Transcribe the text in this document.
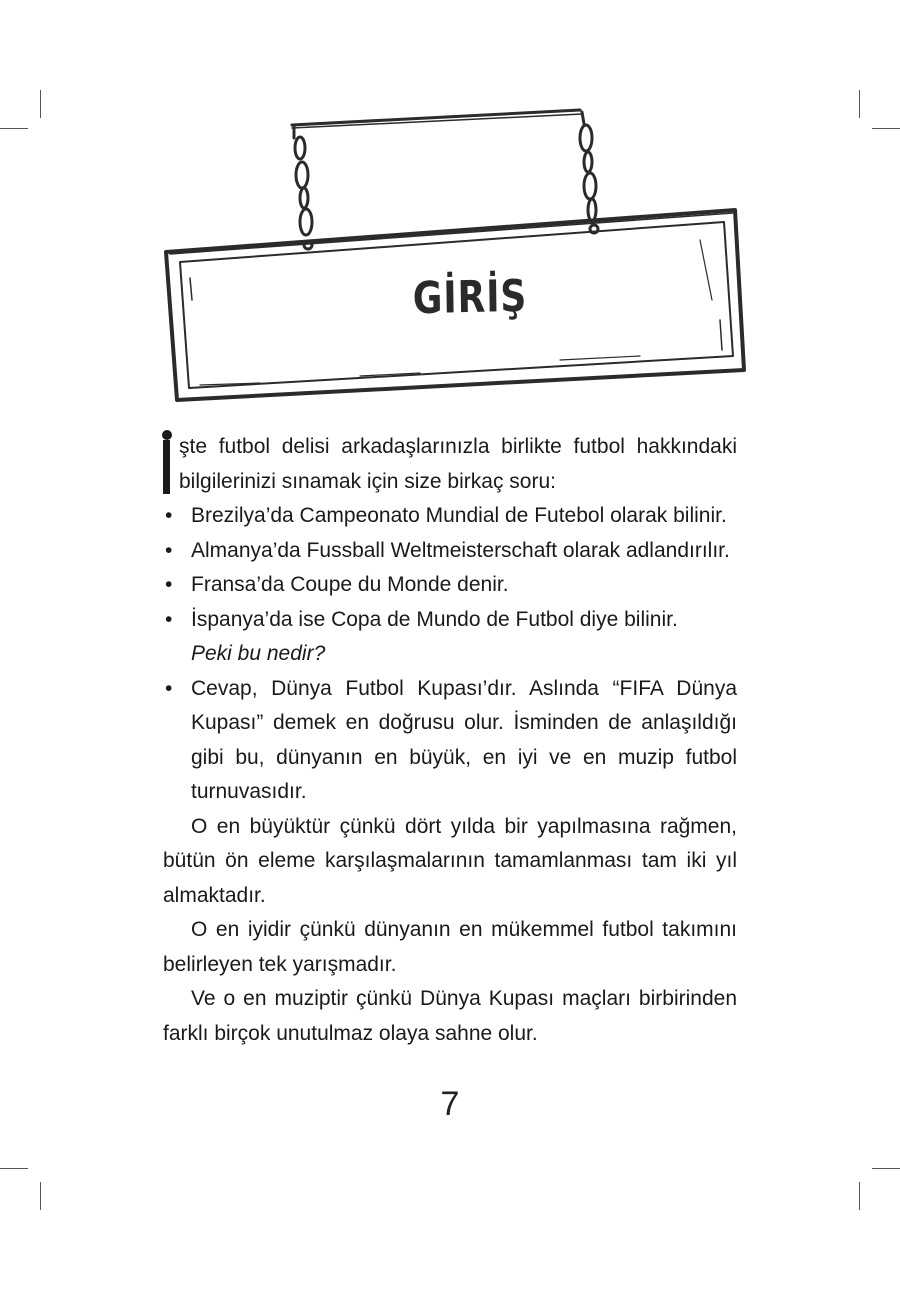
GİRİŞ

şte futbol delisi arkadaşlarınızla birlikte futbol hakkındaki bilgilerinizi sınamak için size birkaç soru:

• Brezilya’da Campeonato Mundial de Futebol olarak bilinir.
• Almanya’da Fussball Weltmeisterschaft olarak adlandırılır.
• Fransa’da Coupe du Monde denir.
• İspanya’da ise Copa de Mundo de Futbol diye bilinir.
Peki bu nedir?
• Cevap, Dünya Futbol Kupası’dır. Aslında “FIFA Dünya Kupası” demek en doğrusu olur. İsminden de anlaşıldığı gibi bu, dünyanın en büyük, en iyi ve en muzip futbol turnuvasıdır.

O en büyüktür çünkü dört yılda bir yapılmasına rağmen, bütün ön eleme karşılaşmalarının tamamlanması tam iki yıl almaktadır.

O en iyidir çünkü dünyanın en mükemmel futbol takımını belirleyen tek yarışmadır.

Ve o en muziptir çünkü Dünya Kupası maçları birbirinden farklı birçok unutulmaz olaya sahne olur.

7
